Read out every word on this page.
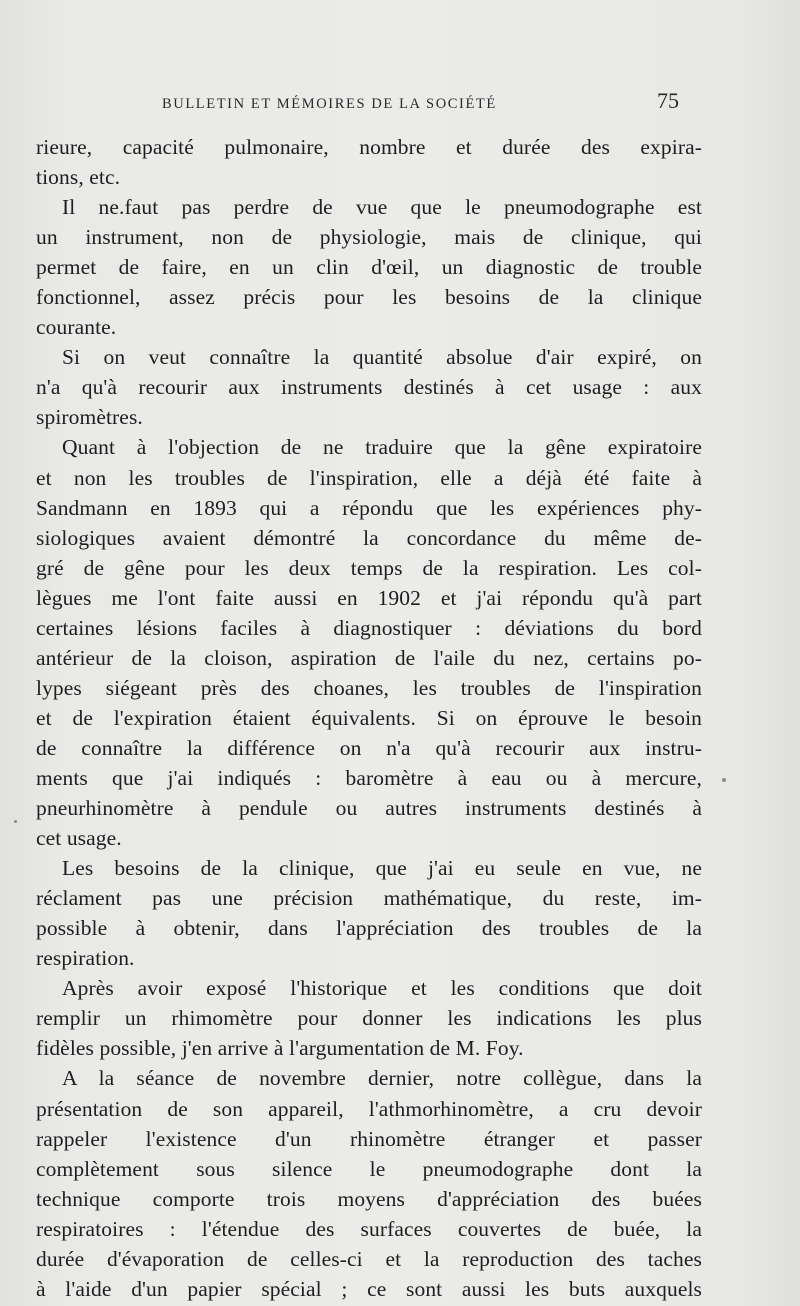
BULLETIN ET MÉMOIRES DE LA SOCIÉTÉ	75
rieure, capacité pulmonaire, nombre et durée des expira-
tions, etc.
Il ne.faut pas perdre de vue que le pneumodographe est
un instrument, non de physiologie, mais de clinique, qui
permet de faire, en un clin d'œil, un diagnostic de trouble
fonctionnel, assez précis pour les besoins de la clinique
courante.
Si on veut connaître la quantité absolue d'air expiré, on
n'a qu'à recourir aux instruments destinés à cet usage : aux
spiromètres.
Quant à l'objection de ne traduire que la gêne expiratoire
et non les troubles de l'inspiration, elle a déjà été faite à
Sandmann en 1893 qui a répondu que les expériences phy-
siologiques avaient démontré la concordance du même de-
gré de gêne pour les deux temps de la respiration. Les col-
lègues me l'ont faite aussi en 1902 et j'ai répondu qu'à part
certaines lésions faciles à diagnostiquer : déviations du bord
antérieur de la cloison, aspiration de l'aile du nez, certains po-
lypes siégeant près des choanes, les troubles de l'inspiration
et de l'expiration étaient équivalents. Si on éprouve le besoin
de connaître la différence on n'a qu'à recourir aux instru-
ments que j'ai indiqués : baromètre à eau ou à mercure,
pneurhinomètre à pendule ou autres instruments destinés à
cet usage.
Les besoins de la clinique, que j'ai eu seule en vue, ne
réclament pas une précision mathématique, du reste, im-
possible à obtenir, dans l'appréciation des troubles de la
respiration.
Après avoir exposé l'historique et les conditions que doit
remplir un rhimomètre pour donner les indications les plus
fidèles possible, j'en arrive à l'argumentation de M. Foy.
A la séance de novembre dernier, notre collègue, dans la
présentation de son appareil, l'athmorhinomètre, a cru devoir
rappeler l'existence d'un rhinomètre étranger et passer
complètement sous silence le pneumodographe dont la
technique comporte trois moyens d'appréciation des buées
respiratoires : l'étendue des surfaces couvertes de buée, la
durée d'évaporation de celles-ci et la reproduction des taches
à l'aide d'un papier spécial ; ce sont aussi les buts auxquels
